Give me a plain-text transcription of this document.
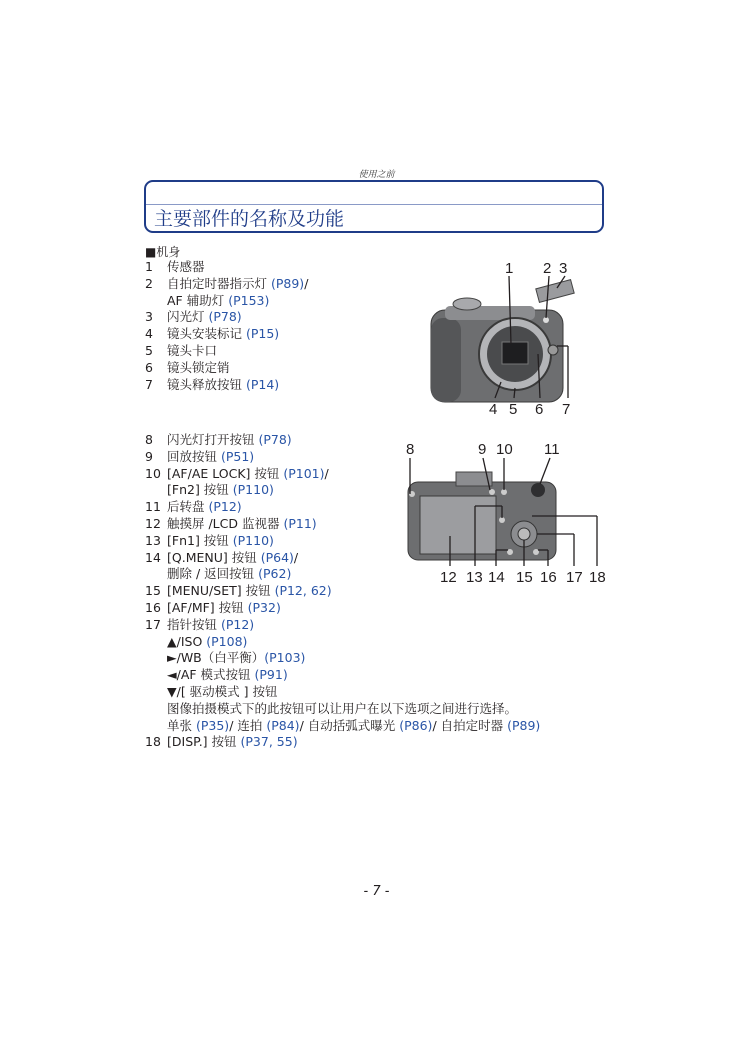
使用之前
主要部件的名称及功能
■机身
1	传感器
2	自拍定时器指示灯 (P89)/
AF 辅助灯 (P153)
3	闪光灯 (P78)
4	镜头安装标记 (P15)
5	镜头卡口
6	镜头锁定销
7	镜头释放按钮 (P14)
8	闪光灯打开按钮 (P78)
9	回放按钮 (P51)
10 [AF/AE LOCK] 按钮 (P101)/
[Fn2] 按钮 (P110)
11 后转盘 (P12)
12 触摸屏 /LCD 监视器 (P11)
13 [Fn1] 按钮 (P110)
14 [Q.MENU] 按钮 (P64)/
删除 / 返回按钮 (P62)
15 [MENU/SET] 按钮 (P12, 62)
16 [AF/MF] 按钮 (P32)
17 指针按钮 (P12)
▲/ISO (P108)
►/WB（白平衡）(P103)
◄/AF 模式按钮 (P91)
▼/[ 驱动模式 ] 按钮
图像拍摄模式下的此按钮可以让用户在以下选项之间进行选择。
单张 (P35)/ 连拍 (P84)/ 自动括弧式曝光 (P86)/ 自拍定时器 (P89)
18 [DISP.] 按钮 (P37, 55)
1 2 3
4 5 6 7
8	9 10 11
12 13 14 15 16 17 18
- 7 -
